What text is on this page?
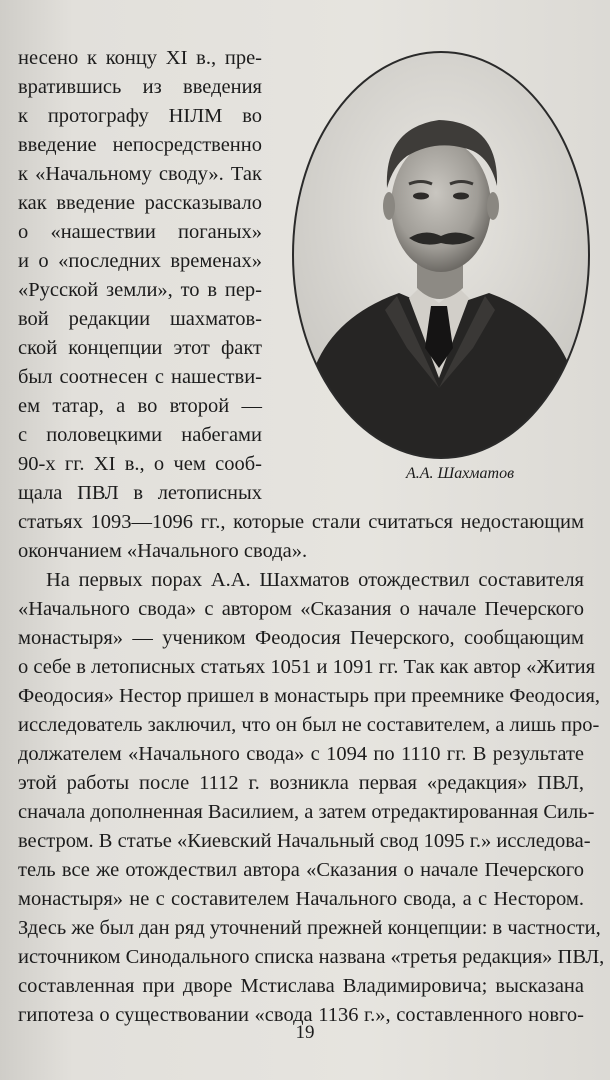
несено к концу XI в., пре-

вратившись из введения

к протографу НIЛМ во

введение непосредственно

к «Начальному своду». Так

как введение рассказывало

о «нашествии поганых»

и о «последних временах»

«Русской земли», то в пер-

вой редакции шахматов-

ской концепции этот факт

был соотнесен с нашестви-

ем татар, а во второй —

с половецкими набегами

90-х гг. XI в., о чем сооб-

щала ПВЛ в летописных

статьях 1093—1096 гг., которые стали считаться недостающим

окончанием «Начального свода».

На первых порах А.А. Шахматов отождествил составителя

«Начального свода» с автором «Сказания о начале Печерского

монастыря» — учеником Феодосия Печерского, сообщающим

о себе в летописных статьях 1051 и 1091 гг. Так как автор «Жития

Феодосия» Нестор пришел в монастырь при преемнике Феодосия,

исследователь заключил, что он был не составителем, а лишь про-

должателем «Начального свода» с 1094 по 1110 гг. В результате

этой работы после 1112 г. возникла первая «редакция» ПВЛ,

сначала дополненная Василием, а затем отредактированная Силь-

вестром. В статье «Киевский Начальный свод 1095 г.» исследова-

тель все же отождествил автора «Сказания о начале Печерского

монастыря» не с составителем Начального свода, а с Нестором.

Здесь же был дан ряд уточнений прежней концепции: в частности,

источником Синодального списка названа «третья редакция» ПВЛ,

составленная при дворе Мстислава Владимировича; высказана

гипотеза о существовании «свода 1136 г.», составленного новго-

А.А. Шахматов
19
